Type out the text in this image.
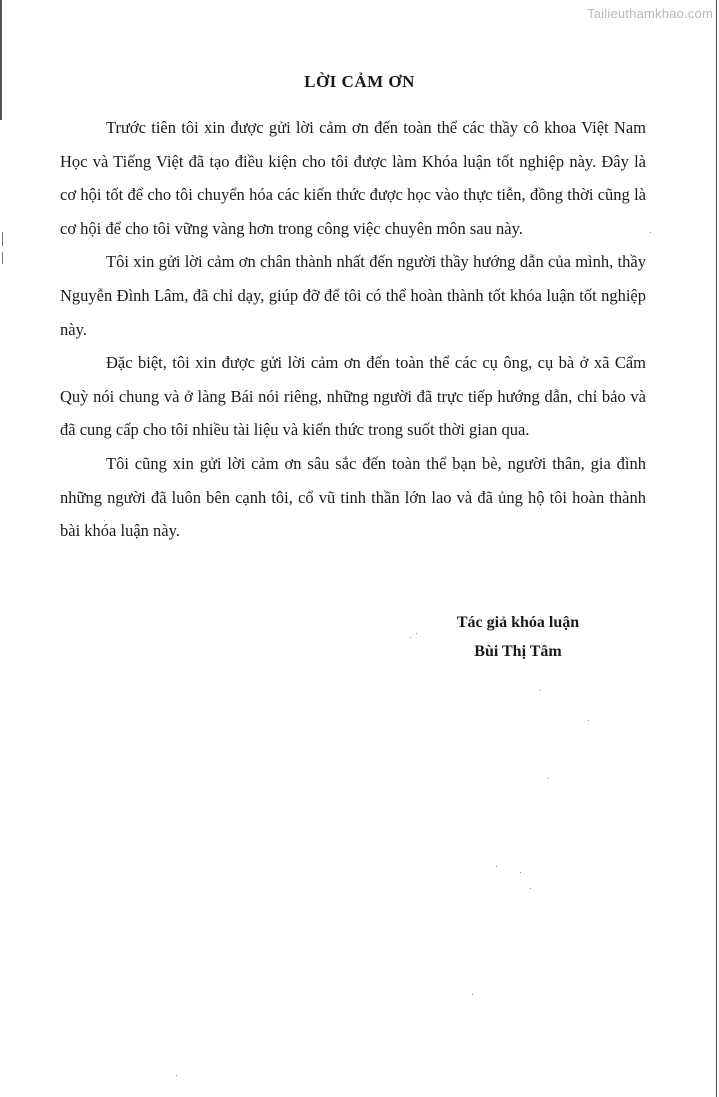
Tailieuthamkhao.com
LỜI CẢM ƠN

Trước tiên tôi xin được gửi lời cảm ơn đến toàn thể các thầy cô khoa Việt Nam Học và Tiếng Việt đã tạo điều kiện cho tôi được làm Khóa luận tốt nghiệp này. Đây là cơ hội tốt để cho tôi chuyển hóa các kiến thức được học vào thực tiễn, đồng thời cũng là cơ hội để cho tôi vững vàng hơn trong công việc chuyên môn sau này.

Tôi xin gửi lời cảm ơn chân thành nhất đến người thầy hướng dẫn của mình, thầy Nguyễn Đình Lâm, đã chỉ dạy, giúp đỡ để tôi có thể hoàn thành tốt khóa luận tốt nghiệp này.

Đặc biệt, tôi xin được gửi lời cảm ơn đến toàn thể các cụ ông, cụ bà ở xã Cẩm Quỳ nói chung và ở làng Bái nói riêng, những người đã trực tiếp hướng dẫn, chỉ bảo và đã cung cấp cho tôi nhiều tài liệu và kiến thức trong suốt thời gian qua.

Tôi cũng xin gửi lời cảm ơn sâu sắc đến toàn thể bạn bè, người thân, gia đình những người đã luôn bên cạnh tôi, cổ vũ tinh thần lớn lao và đã ủng hộ tôi hoàn thành bài khóa luận này.

Tác giả khóa luận
Bùi Thị Tâm
